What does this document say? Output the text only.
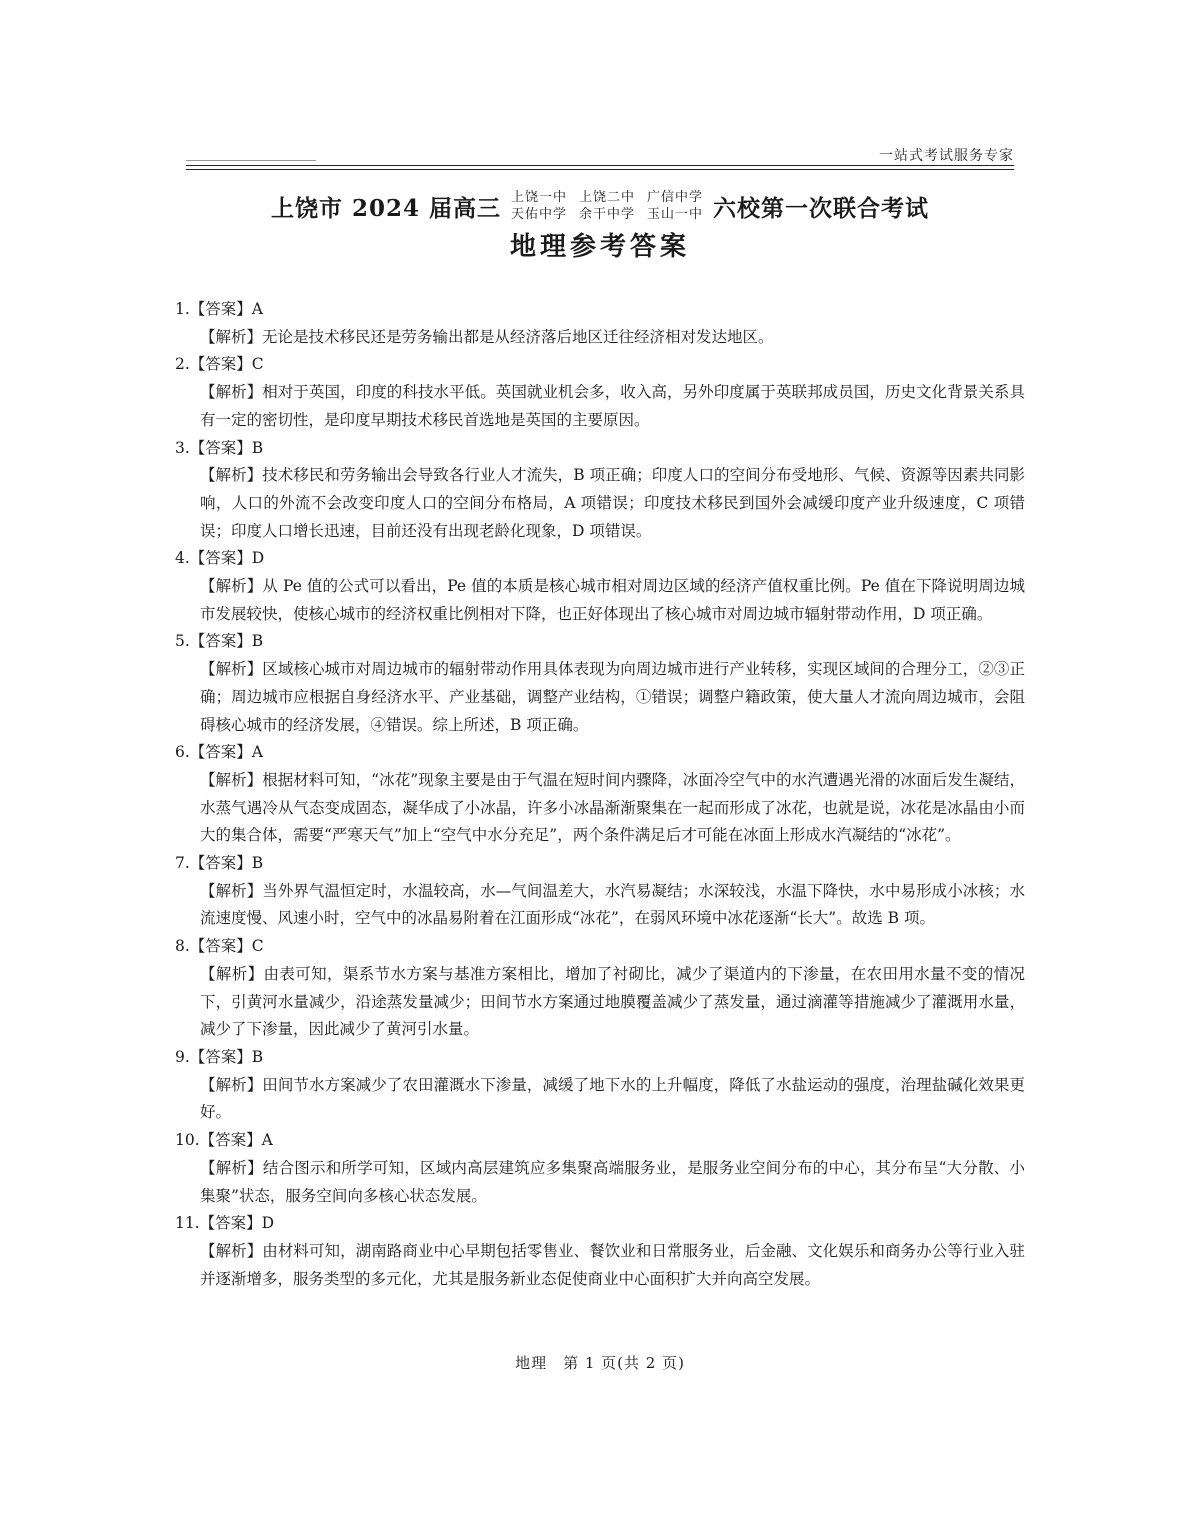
一站式考试服务专家
上饶市 2024 届高三 上饶一中 上饶二中 广信中学
天佑中学 余干中学 玉山一中 六校第一次联合考试
地理参考答案

1.【答案】A

【解析】无论是技术移民还是劳务输出都是从经济落后地区迁往经济相对发达地区。

2.【答案】C

【解析】相对于英国，印度的科技水平低。英国就业机会多，收入高，另外印度属于英联邦成员国，历史文化背景关系具有一定的密切性，是印度早期技术移民首选地是英国的主要原因。

3.【答案】B

【解析】技术移民和劳务输出会导致各行业人才流失，B 项正确；印度人口的空间分布受地形、气候、资源等因素共同影响，人口的外流不会改变印度人口的空间分布格局，A 项错误；印度技术移民到国外会减缓印度产业升级速度，C 项错误；印度人口增长迅速，目前还没有出现老龄化现象，D 项错误。

4.【答案】D

【解析】从 Pe 值的公式可以看出，Pe 值的本质是核心城市相对周边区域的经济产值权重比例。Pe 值在下降说明周边城市发展较快，使核心城市的经济权重比例相对下降，也正好体现出了核心城市对周边城市辐射带动作用，D 项正确。

5.【答案】B

【解析】区域核心城市对周边城市的辐射带动作用具体表现为向周边城市进行产业转移，实现区域间的合理分工，②③正确；周边城市应根据自身经济水平、产业基础，调整产业结构，①错误；调整户籍政策，使大量人才流向周边城市，会阻碍核心城市的经济发展，④错误。综上所述，B 项正确。

6.【答案】A

【解析】根据材料可知，“冰花”现象主要是由于气温在短时间内骤降，冰面冷空气中的水汽遭遇光滑的冰面后发生凝结，水蒸气遇冷从气态变成固态，凝华成了小冰晶，许多小冰晶渐渐聚集在一起而形成了冰花，也就是说，冰花是冰晶由小而大的集合体，需要“严寒天气”加上“空气中水分充足”，两个条件满足后才可能在冰面上形成水汽凝结的“冰花”。

7.【答案】B

【解析】当外界气温恒定时，水温较高，水—气间温差大，水汽易凝结；水深较浅，水温下降快，水中易形成小冰核；水流速度慢、风速小时，空气中的冰晶易附着在江面形成“冰花”，在弱风环境中冰花逐渐“长大”。故选 B 项。

8.【答案】C

【解析】由表可知，渠系节水方案与基准方案相比，增加了衬砌比，减少了渠道内的下渗量，在农田用水量不变的情况下，引黄河水量减少，沿途蒸发量减少；田间节水方案通过地膜覆盖减少了蒸发量，通过滴灌等措施减少了灌溉用水量，减少了下渗量，因此减少了黄河引水量。

9.【答案】B

【解析】田间节水方案减少了农田灌溉水下渗量，减缓了地下水的上升幅度，降低了水盐运动的强度，治理盐碱化效果更好。

10.【答案】A

【解析】结合图示和所学可知，区域内高层建筑应多集聚高端服务业，是服务业空间分布的中心，其分布呈“大分散、小集聚”状态，服务空间向多核心状态发展。

11.【答案】D

【解析】由材料可知，湖南路商业中心早期包括零售业、餐饮业和日常服务业，后金融、文化娱乐和商务办公等行业入驻并逐渐增多，服务类型的多元化，尤其是服务新业态促使商业中心面积扩大并向高空发展。

地理　第 1 页(共 2 页)
